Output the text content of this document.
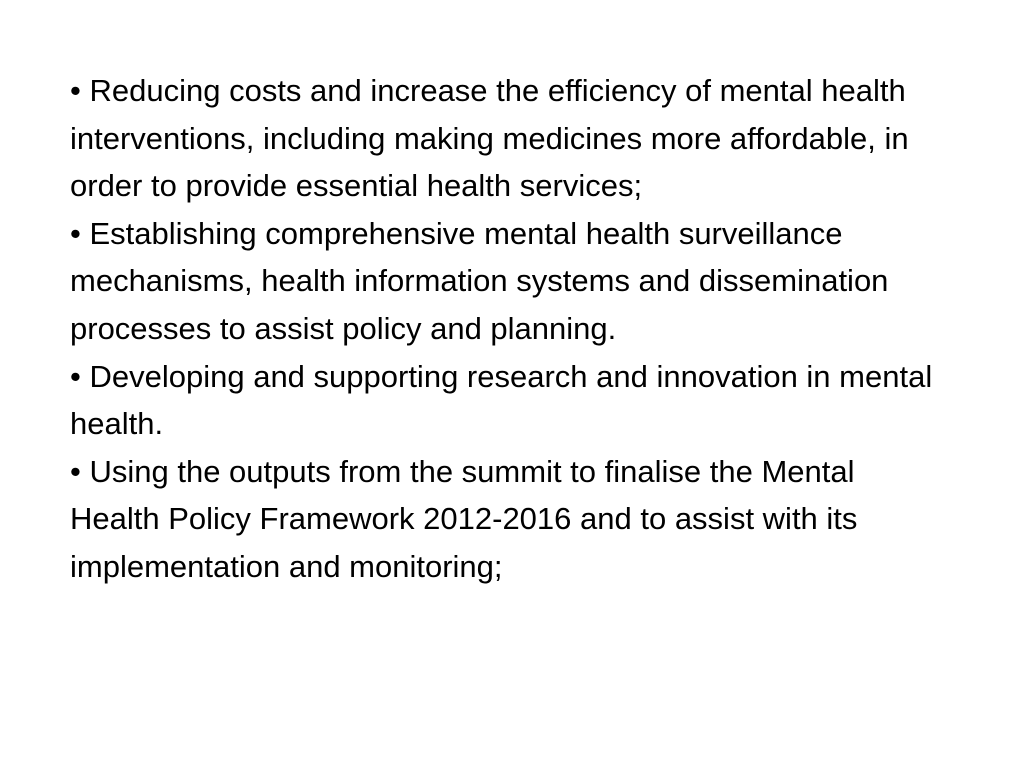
• Reducing costs and increase the efficiency of mental health interventions, including making medicines more affordable, in order to provide essential health services;
• Establishing comprehensive mental health surveillance mechanisms, health information systems and dissemination processes to assist policy and planning.
• Developing and supporting research and innovation in mental health.
• Using the outputs from the summit to finalise the Mental Health Policy Framework 2012-2016 and to assist with its implementation and monitoring;
